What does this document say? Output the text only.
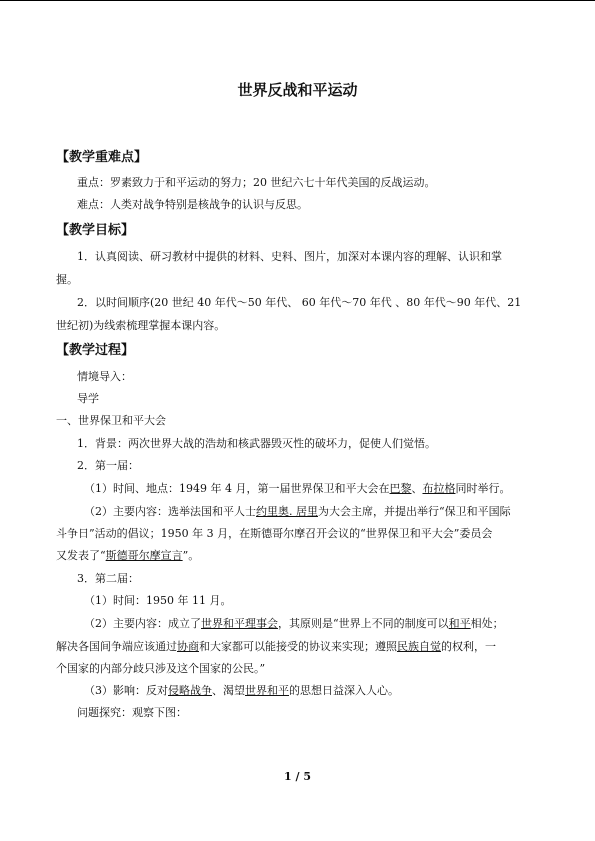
世界反战和平运动
【教学重难点】
重点：罗素致力于和平运动的努力；20 世纪六七十年代美国的反战运动。
难点：人类对战争特别是核战争的认识与反思。
【教学目标】
1．认真阅读、研习教材中提供的材料、史料、图片，加深对本课内容的理解、认识和掌
握。
2．以时间顺序(20 世纪 40 年代～50 年代、 60 年代～70 年代 、80 年代～90 年代、21
世纪初)为线索梳理掌握本课内容。
【教学过程】
情境导入：
导学
一、世界保卫和平大会
1．背景：两次世界大战的浩劫和核武器毁灭性的破坏力，促使人们觉悟。
2．第一届：
（1）时间、地点：1949 年 4 月，第一届世界保卫和平大会在巴黎、布拉格同时举行。
（2）主要内容：选举法国和平人士约里奥. 居里为大会主席，并提出举行“保卫和平国际
斗争日”活动的倡议；1950 年 3 月，在斯德哥尔摩召开会议的“世界保卫和平大会”委员会
又发表了“斯德哥尔摩宣言”。
3．第二届：
（1）时间：1950 年 11 月。
（2）主要内容：成立了世界和平理事会，其原则是“世界上不同的制度可以和平相处；
解决各国间争端应该通过协商和大家都可以能接受的协议来实现；遵照民族自觉的权利，一
个国家的内部分歧只涉及这个国家的公民。”
（3）影响：反对侵略战争、渴望世界和平的思想日益深入人心。
问题探究：观察下图：
1 / 5
